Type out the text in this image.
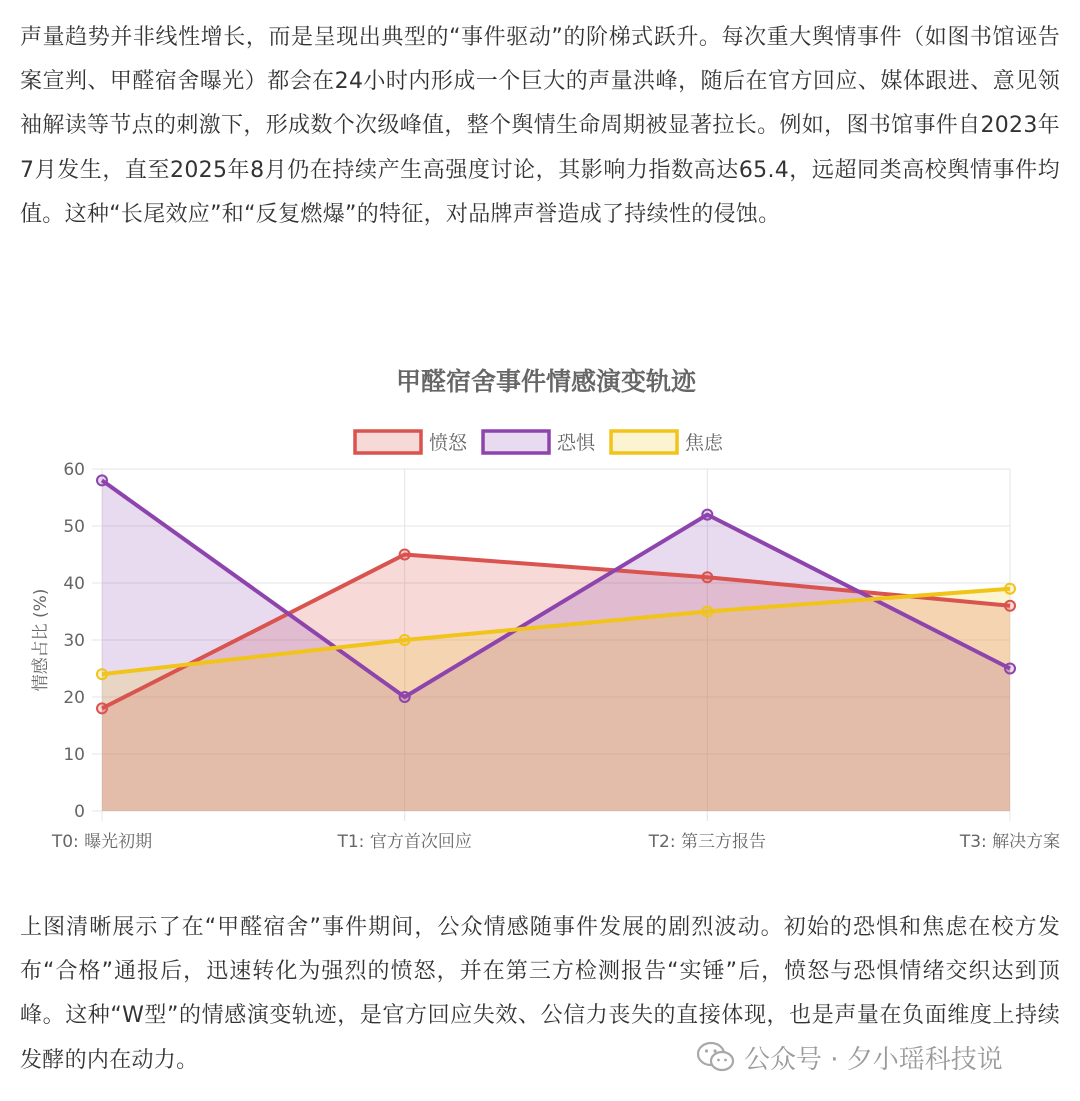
声量趋势并非线性增长，而是呈现出典型的“事件驱动”的阶梯式跃升。每次重大舆情事件（如图书馆诬告案宣判、甲醛宿舍曝光）都会在24小时内形成一个巨大的声量洪峰，随后在官方回应、媒体跟进、意见领袖解读等节点的刺激下，形成数个次级峰值，整个舆情生命周期被显著拉长。例如，图书馆事件自2023年7月发生，直至2025年8月仍在持续产生高强度讨论，其影响力指数高达65.4，远超同类高校舆情事件均值。这种“长尾效应”和“反复燃爆”的特征，对品牌声誉造成了持续性的侵蚀。

甲醛宿舍事件情感演变轨迹
愤怒	恐惧	焦虑
0
10
20
30
40
50
60
T0: 曝光初期	T1: 官方首次回应	T2: 第三方报告	T3: 解决方案
情感占比 (%)

上图清晰展示了在“甲醛宿舍”事件期间，公众情感随事件发展的剧烈波动。初始的恐惧和焦虑在校方发布“合格”通报后，迅速转化为强烈的愤怒，并在第三方检测报告“实锤”后，愤怒与恐惧情绪交织达到顶峰。这种“W型”的情感演变轨迹，是官方回应失效、公信力丧失的直接体现，也是声量在负面维度上持续发酵的内在动力。	公众号 · 夕小瑶科技说
